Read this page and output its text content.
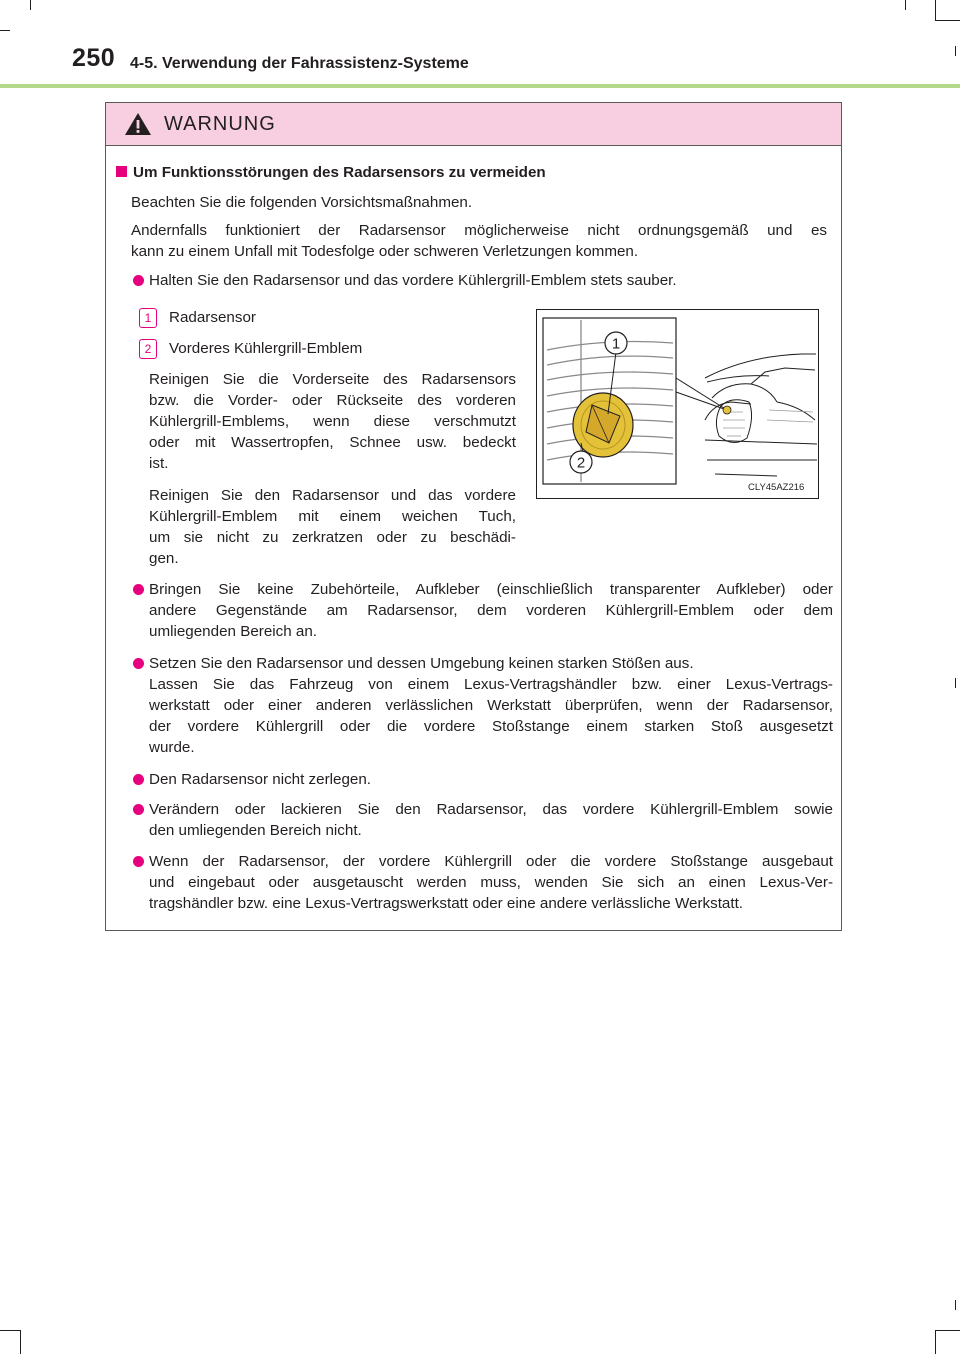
250 4-5. Verwendung der Fahrassistenz-Systeme
WARNUNG
Um Funktionsstörungen des Radarsensors zu vermeiden
Beachten Sie die folgenden Vorsichtsmaßnahmen.
Andernfalls funktioniert der Radarsensor möglicherweise nicht ordnungsgemäß und es
kann zu einem Unfall mit Todesfolge oder schweren Verletzungen kommen.
Halten Sie den Radarsensor und das vordere Kühlergrill-Emblem stets sauber.
1	Radarsensor
2	Vorderes Kühlergrill-Emblem
Reinigen Sie die Vorderseite des Radarsensors
bzw. die Vorder- oder Rückseite des vorderen
Kühlergrill-Emblems, wenn diese verschmutzt
oder mit Wassertropfen, Schnee usw. bedeckt
ist.
Reinigen Sie den Radarsensor und das vordere
Kühlergrill-Emblem mit einem weichen Tuch,
um sie nicht zu zerkratzen oder zu beschädi-
gen.
1
2
CLY45AZ216
Bringen Sie keine Zubehörteile, Aufkleber (einschließlich transparenter Aufkleber) oder
andere Gegenstände am Radarsensor, dem vorderen Kühlergrill-Emblem oder dem
umliegenden Bereich an.
Setzen Sie den Radarsensor und dessen Umgebung keinen starken Stößen aus.
Lassen Sie das Fahrzeug von einem Lexus-Vertragshändler bzw. einer Lexus-Vertrags-
werkstatt oder einer anderen verlässlichen Werkstatt überprüfen, wenn der Radarsensor,
der vordere Kühlergrill oder die vordere Stoßstange einem starken Stoß ausgesetzt
wurde.
Den Radarsensor nicht zerlegen.
Verändern oder lackieren Sie den Radarsensor, das vordere Kühlergrill-Emblem sowie
den umliegenden Bereich nicht.
Wenn der Radarsensor, der vordere Kühlergrill oder die vordere Stoßstange ausgebaut
und eingebaut oder ausgetauscht werden muss, wenden Sie sich an einen Lexus-Ver-
tragshändler bzw. eine Lexus-Vertragswerkstatt oder eine andere verlässliche Werkstatt.
